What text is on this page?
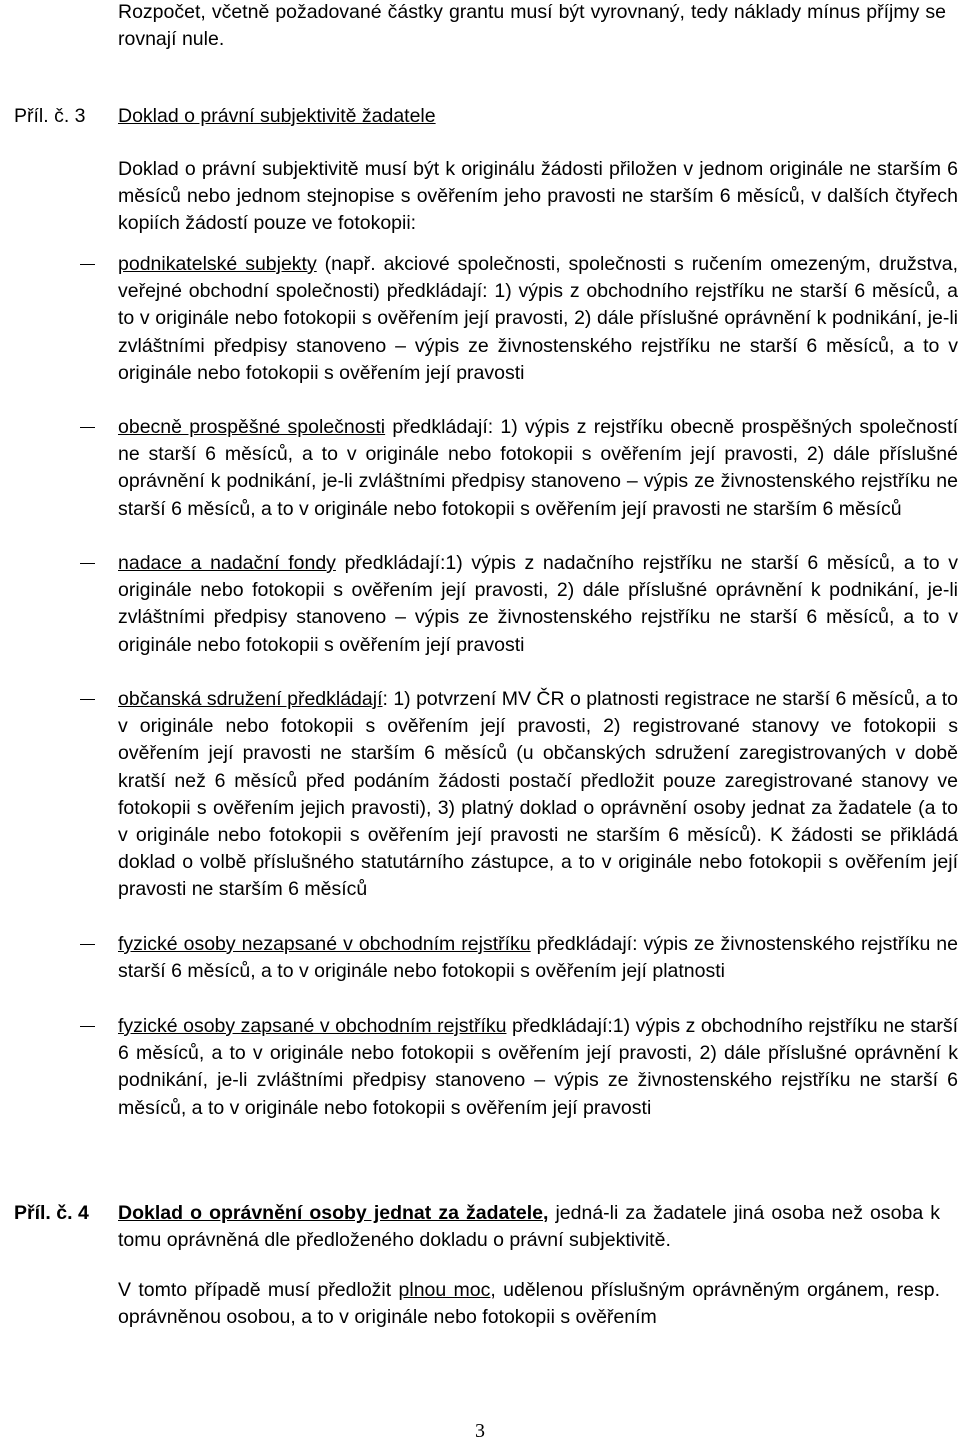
Rozpočet, včetně požadované částky grantu musí být vyrovnaný, tedy náklady mínus příjmy se rovnají nule.
Příl. č. 3 Doklad o právní subjektivitě žadatele
Doklad o právní subjektivitě musí být k originálu žádosti přiložen v jednom originále ne starším 6 měsíců nebo jednom stejnopise s ověřením jeho pravosti ne starším 6 měsíců, v dalších čtyřech kopiích žádostí pouze ve fotokopii:
podnikatelské subjekty (např. akciové společnosti, společnosti s ručením omezeným, družstva, veřejné obchodní společnosti) předkládají: 1) výpis z obchodního rejstříku ne starší 6 měsíců, a to v originále nebo fotokopii s ověřením její pravosti, 2) dále příslušné oprávnění k podnikání, je-li zvláštními předpisy stanoveno – výpis ze živnostenského rejstříku ne starší 6 měsíců, a to v originále nebo fotokopii s ověřením její pravosti
obecně prospěšné společnosti předkládají: 1) výpis z rejstříku obecně prospěšných společností ne starší 6 měsíců, a to v originále nebo fotokopii s ověřením její pravosti, 2) dále příslušné oprávnění k podnikání, je-li zvláštními předpisy stanoveno – výpis ze živnostenského rejstříku ne starší 6 měsíců, a to v originále nebo fotokopii s ověřením její pravosti ne starším 6 měsíců
nadace a nadační fondy předkládají:1) výpis z nadačního rejstříku ne starší 6 měsíců, a to v originále nebo fotokopii s ověřením její pravosti, 2) dále příslušné oprávnění k podnikání, je-li zvláštními předpisy stanoveno – výpis ze živnostenského rejstříku ne starší 6 měsíců, a to v originále nebo fotokopii s ověřením její pravosti
občanská sdružení předkládají: 1) potvrzení MV ČR o platnosti registrace ne starší 6 měsíců, a to v originále nebo fotokopii s ověřením její pravosti, 2) registrované stanovy ve fotokopii s ověřením její pravosti ne starším 6 měsíců (u občanských sdružení zaregistrovaných v době kratší než 6 měsíců před podáním žádosti postačí předložit pouze zaregistrované stanovy ve fotokopii s ověřením jejich pravosti), 3) platný doklad o oprávnění osoby jednat za žadatele (a to v originále nebo fotokopii s ověřením její pravosti ne starším 6 měsíců). K žádosti se přikládá doklad o volbě příslušného statutárního zástupce, a to v originále nebo fotokopii s ověřením její pravosti ne starším 6 měsíců
fyzické osoby nezapsané v obchodním rejstříku předkládají: výpis ze živnostenského rejstříku ne starší 6 měsíců, a to v originále nebo fotokopii s ověřením její platnosti
fyzické osoby zapsané v obchodním rejstříku předkládají:1) výpis z obchodního rejstříku ne starší 6 měsíců, a to v originále nebo fotokopii s ověřením její pravosti, 2) dále příslušné oprávnění k podnikání, je-li zvláštními předpisy stanoveno – výpis ze živnostenského rejstříku ne starší 6 měsíců, a to v originále nebo fotokopii s ověřením její pravosti
Příl. č. 4 Doklad o oprávnění osoby jednat za žadatele, jedná-li za žadatele jiná osoba než osoba k tomu oprávněná dle předloženého dokladu o právní subjektivitě.
V tomto případě musí předložit plnou moc, udělenou příslušným oprávněným orgánem, resp. oprávněnou osobou, a to v originále nebo fotokopii s ověřením
3
